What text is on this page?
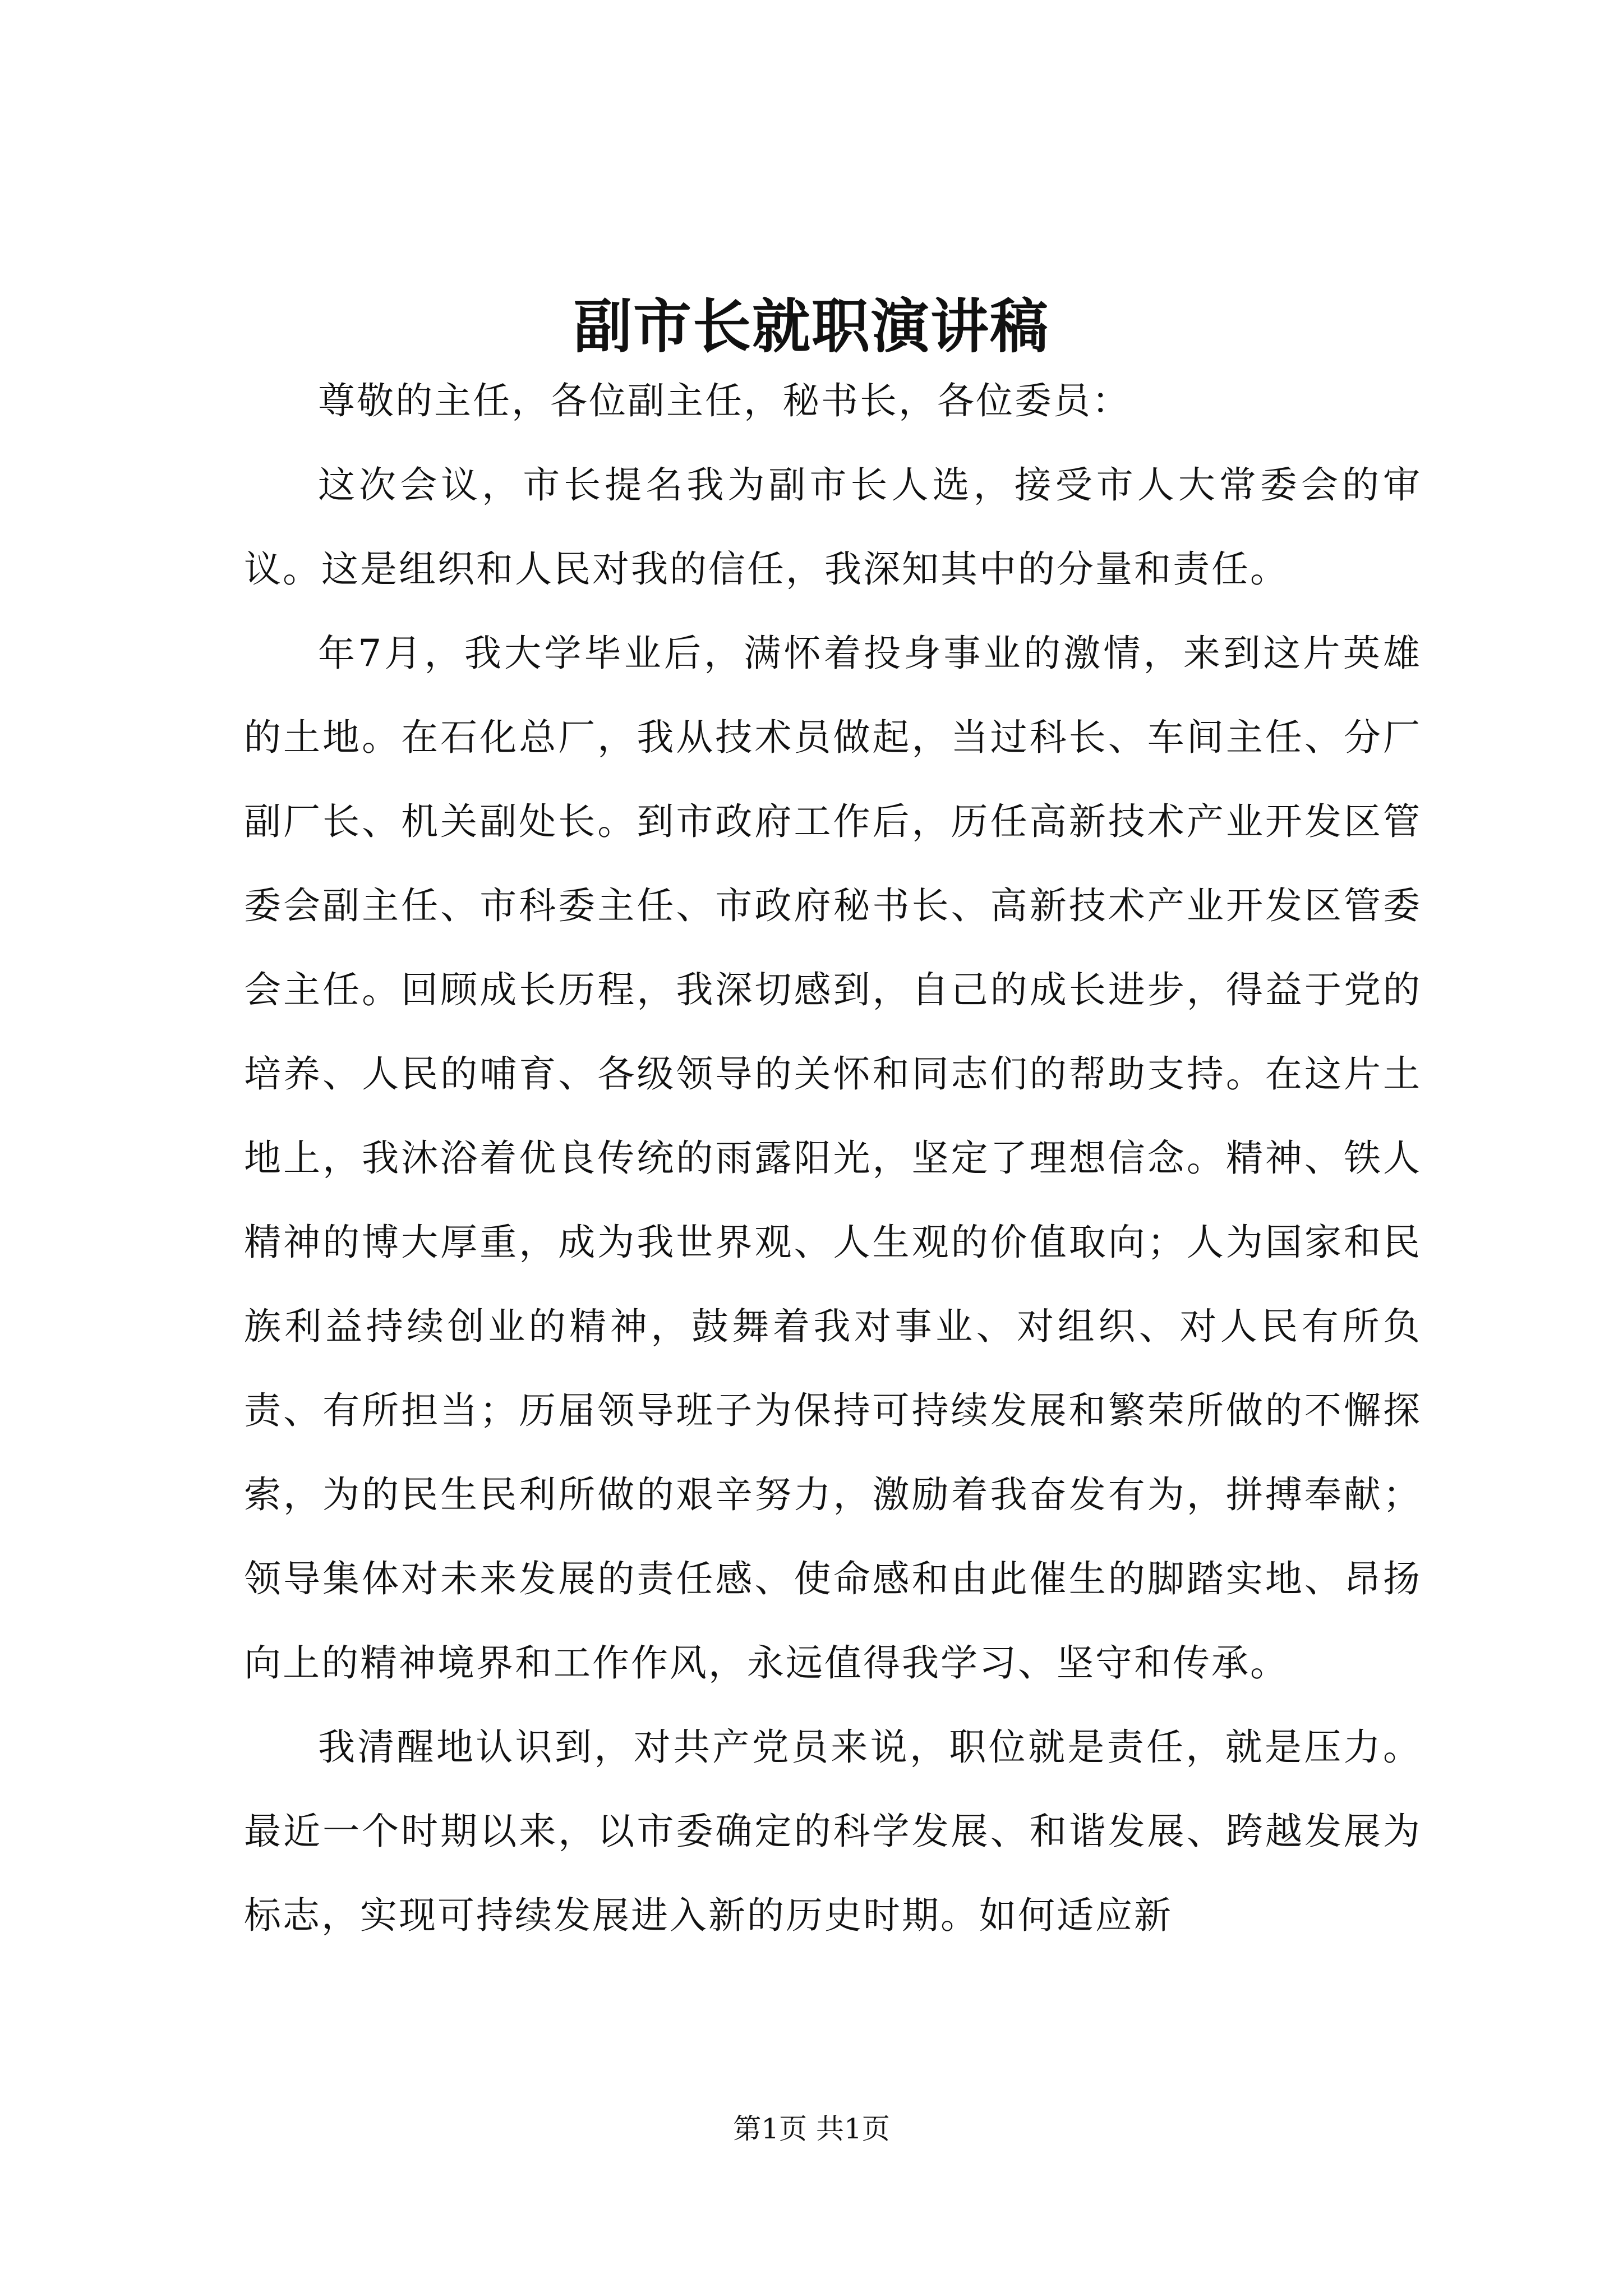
副市长就职演讲稿

尊敬的主任，各位副主任，秘书长，各位委员：

这次会议，市长提名我为副市长人选，接受市人大常委会的审议。这是组织和人民对我的信任，我深知其中的分量和责任。

年7月，我大学毕业后，满怀着投身事业的激情，来到这片英雄的土地。在石化总厂，我从技术员做起，当过科长、车间主任、分厂副厂长、机关副处长。到市政府工作后，历任高新技术产业开发区管委会副主任、市科委主任、市政府秘书长、高新技术产业开发区管委会主任。回顾成长历程，我深切感到，自己的成长进步，得益于党的培养、人民的哺育、各级领导的关怀和同志们的帮助支持。在这片土地上，我沐浴着优良传统的雨露阳光，坚定了理想信念。精神、铁人精神的博大厚重，成为我世界观、人生观的价值取向；人为国家和民族利益持续创业的精神，鼓舞着我对事业、对组织、对人民有所负责、有所担当；历届领导班子为保持可持续发展和繁荣所做的不懈探索，为的民生民利所做的艰辛努力，激励着我奋发有为，拼搏奉献；领导集体对未来发展的责任感、使命感和由此催生的脚踏实地、昂扬向上的精神境界和工作作风，永远值得我学习、坚守和传承。

我清醒地认识到，对共产党员来说，职位就是责任，就是压力。最近一个时期以来，以市委确定的科学发展、和谐发展、跨越发展为标志，实现可持续发展进入新的历史时期。如何适应新

第1页 共1页
